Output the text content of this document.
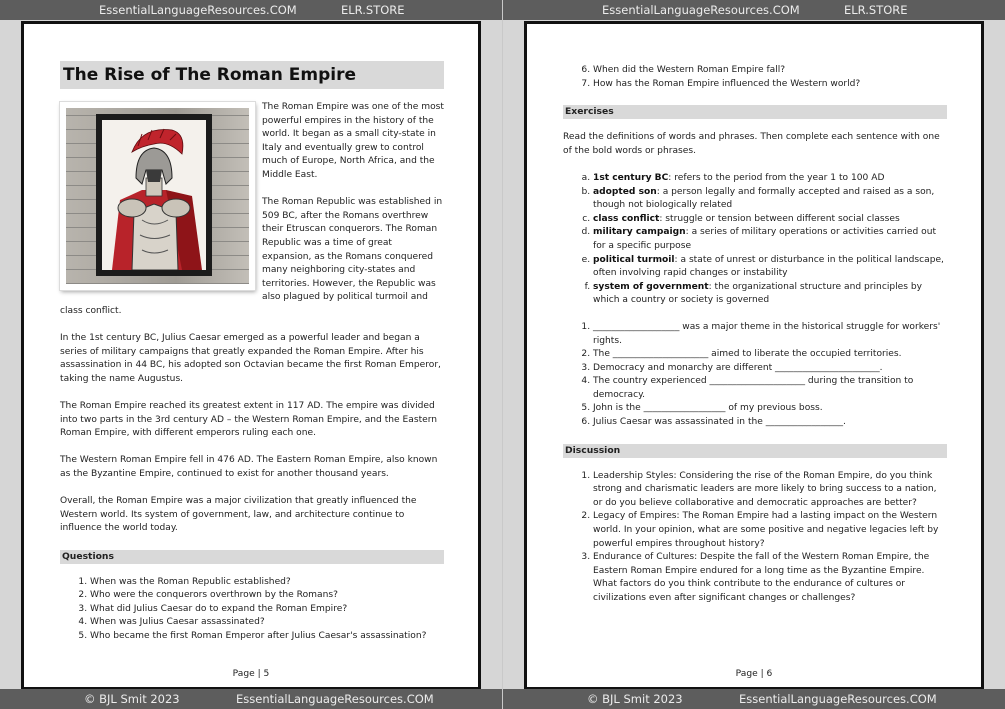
EssentialLanguageResources.COM	ELR.STORE
The Rise of The Roman Empire

The Roman Empire was one of the most powerful empires in the history of the world. It began as a small city-state in Italy and eventually grew to control much of Europe, North Africa, and the Middle East.

The Roman Republic was established in 509 BC, after the Romans overthrew their Etruscan conquerors. The Roman Republic was a time of great expansion, as the Romans conquered many neighboring city-states and territories. However, the Republic was also plagued by political turmoil and class conflict.

In the 1st century BC, Julius Caesar emerged as a powerful leader and began a series of military campaigns that greatly expanded the Roman Empire. After his assassination in 44 BC, his adopted son Octavian became the first Roman Emperor, taking the name Augustus.

The Roman Empire reached its greatest extent in 117 AD. The empire was divided into two parts in the 3rd century AD – the Western Roman Empire, and the Eastern Roman Empire, with different emperors ruling each one.

The Western Roman Empire fell in 476 AD. The Eastern Roman Empire, also known as the Byzantine Empire, continued to exist for another thousand years.

Overall, the Roman Empire was a major civilization that greatly influenced the Western world. Its system of government, law, and architecture continue to influence the world today.

Questions
1. When was the Roman Republic established?
2. Who were the conquerors overthrown by the Romans?
3. What did Julius Caesar do to expand the Roman Empire?
4. When was Julius Caesar assassinated?
5. Who became the first Roman Emperor after Julius Caesar's assassination?
Page | 5
© BJL Smit 2023	EssentialLanguageResources.COM
EssentialLanguageResources.COM	ELR.STORE
6. When did the Western Roman Empire fall?
7. How has the Roman Empire influenced the Western world?
Exercises

Read the definitions of words and phrases. Then complete each sentence with one of the bold words or phrases.

a. 1st century BC: refers to the period from the year 1 to 100 AD
b. adopted son: a person legally and formally accepted and raised as a son, though not biologically related
c. class conflict: struggle or tension between different social classes
d. military campaign: a series of military operations or activities carried out for a specific purpose
e. political turmoil: a state of unrest or disturbance in the political landscape, often involving rapid changes or instability
f. system of government: the organizational structure and principles by which a country or society is governed
1. ___________________ was a major theme in the historical struggle for workers' rights.
2. The _____________________ aimed to liberate the occupied territories.
3. Democracy and monarchy are different _______________________.
4. The country experienced _____________________ during the transition to democracy.
5. John is the __________________ of my previous boss.
6. Julius Caesar was assassinated in the _________________.
Discussion
1. Leadership Styles: Considering the rise of the Roman Empire, do you think strong and charismatic leaders are more likely to bring success to a nation, or do you believe collaborative and democratic approaches are better?
2. Legacy of Empires: The Roman Empire had a lasting impact on the Western world. In your opinion, what are some positive and negative legacies left by powerful empires throughout history?
3. Endurance of Cultures: Despite the fall of the Western Roman Empire, the Eastern Roman Empire endured for a long time as the Byzantine Empire. What factors do you think contribute to the endurance of cultures or civilizations even after significant changes or challenges?
Page | 6
© BJL Smit 2023	EssentialLanguageResources.COM
